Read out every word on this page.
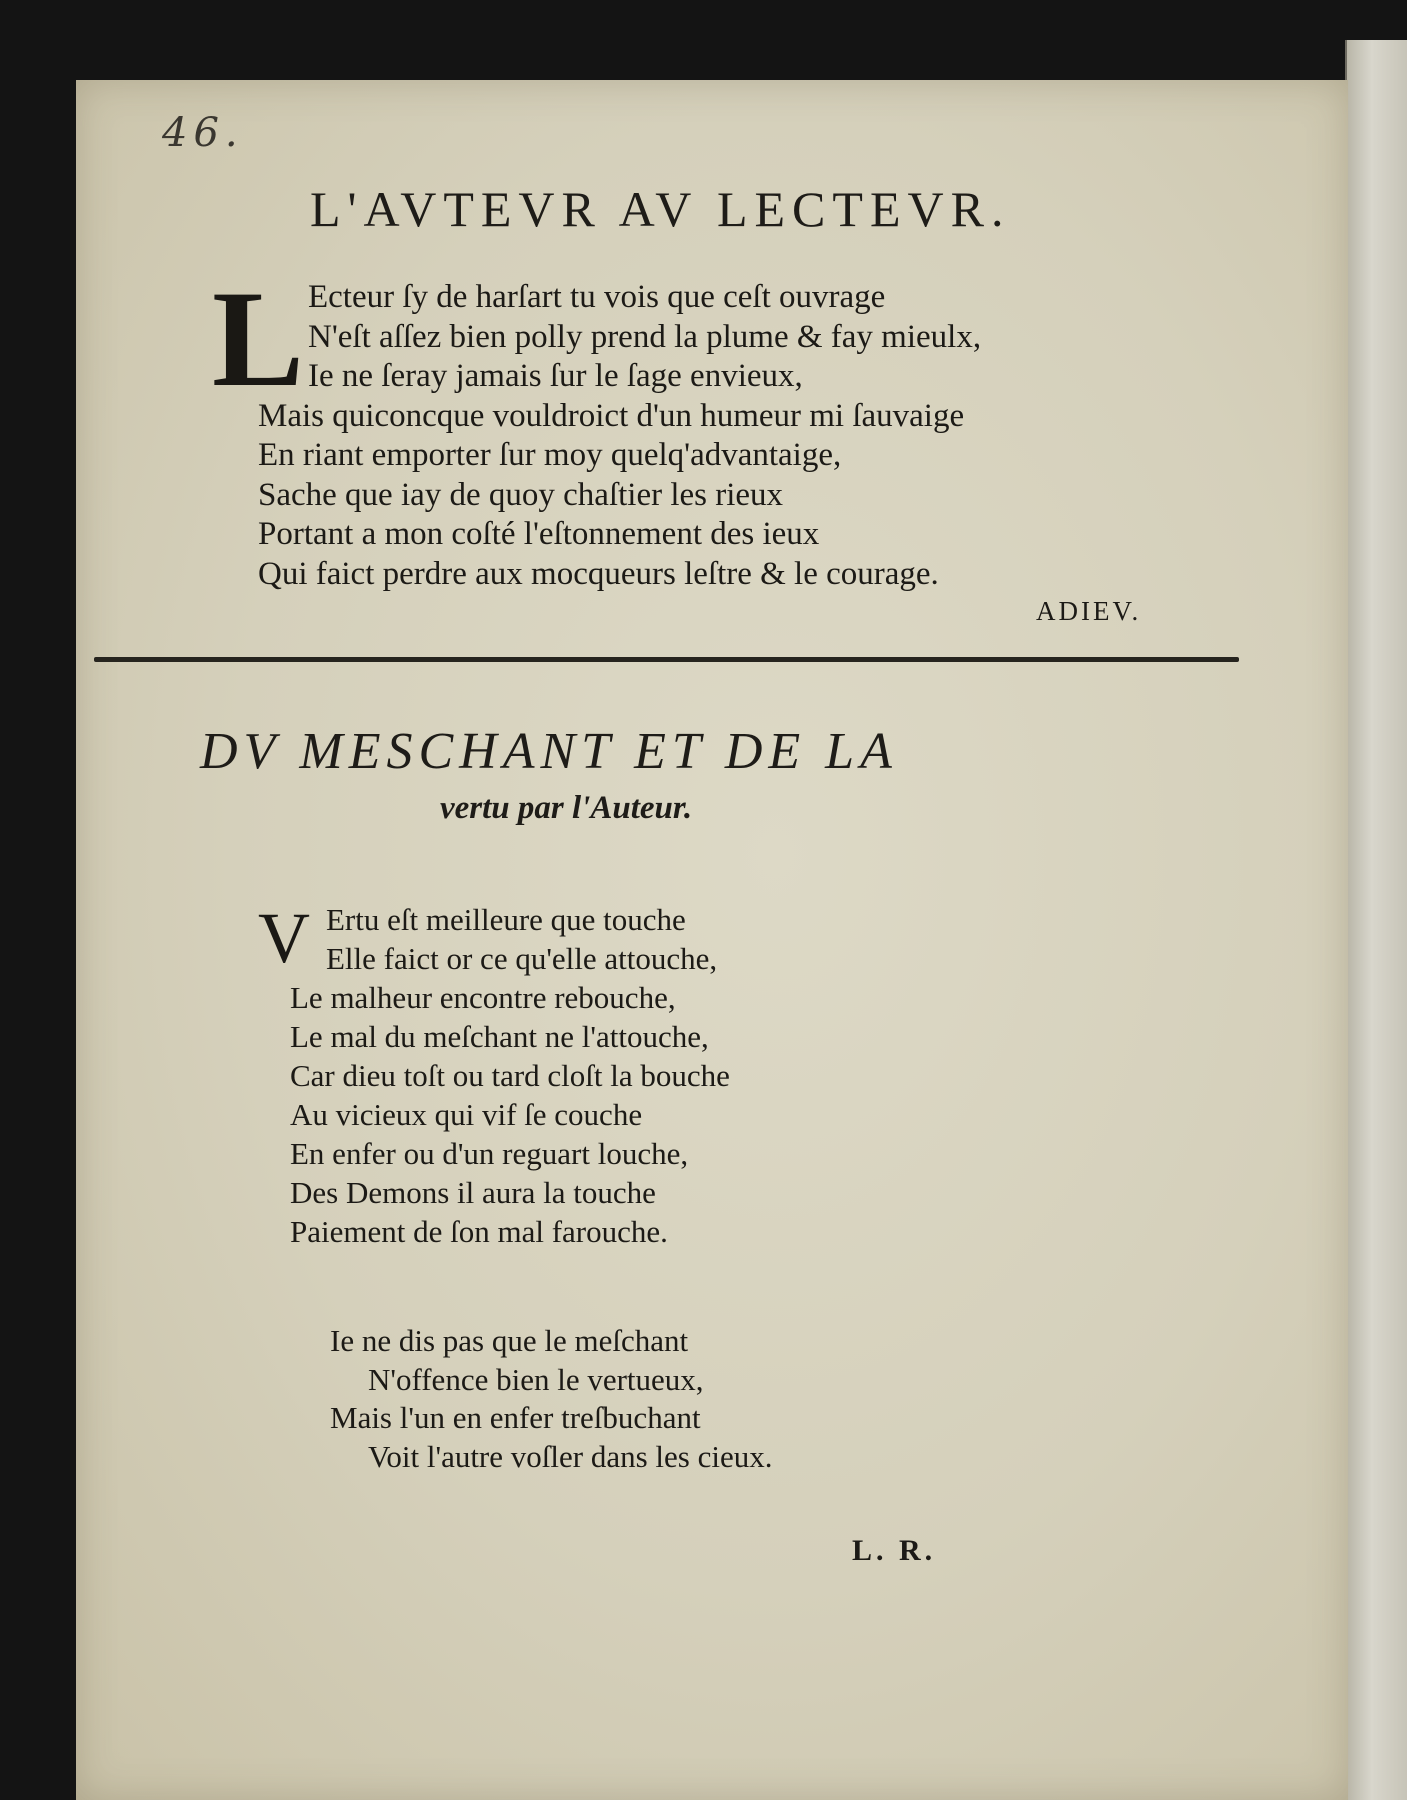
46.
L'AVTEVR AV LECTEVR.
L Ecteur ſy de harſart tu vois que ceſt ouvrage
N'eſt aſſez bien polly prend la plume & fay mieulx,
Ie ne ſeray jamais ſur le ſage envieux,
Mais quiconcque vouldroict d'un humeur mi ſauvaige
En riant emporter ſur moy quelq'advantaige,
Sache que iay de quoy chaſtier les rieux
Portant a mon coſté l'eſtonnement des ieux
Qui faict perdre aux mocqueurs leſtre & le courage.
ADIEV.
DV MESCHANT ET DE LA
vertu par l'Auteur.
V Ertu eſt meilleure que touche
Elle faict or ce qu'elle attouche,
Le malheur encontre rebouche,
Le mal du meſchant ne l'attouche,
Car dieu toſt ou tard cloſt la bouche
Au vicieux qui vif ſe couche
En enfer ou d'un reguart louche,
Des Demons il aura la touche
Paiement de ſon mal farouche.
Ie ne dis pas que le meſchant
N'offence bien le vertueux,
Mais l'un en enfer treſbuchant
Voit l'autre voſler dans les cieux.
L. R.
